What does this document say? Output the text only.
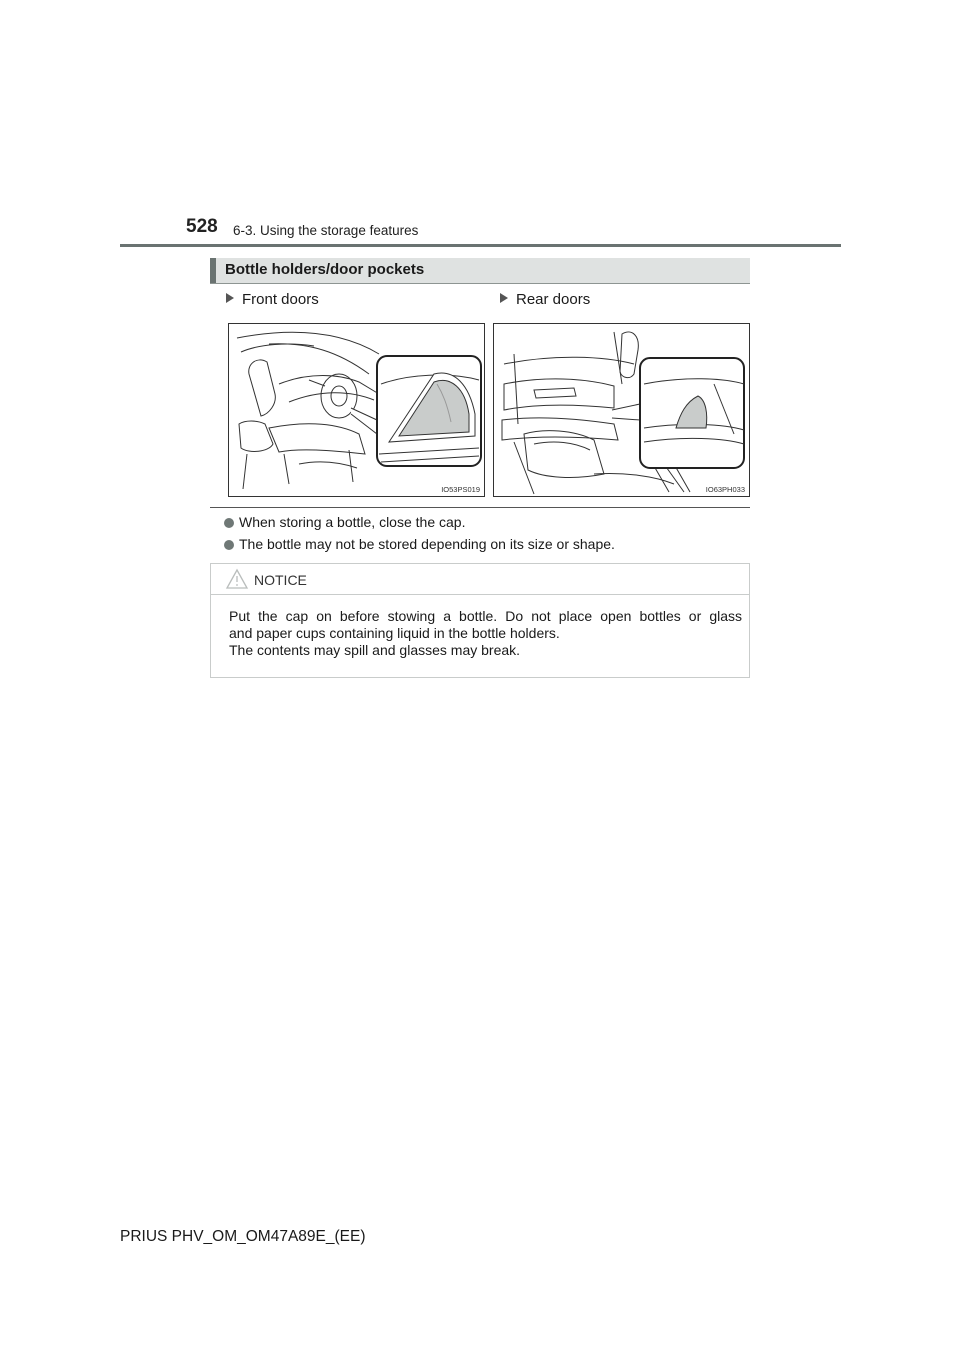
528 6-3. Using the storage features
Bottle holders/door pockets
Front doors	Rear doors
IO53PS019	IO63PH033
When storing a bottle, close the cap.
The bottle may not be stored depending on its size or shape.
NOTICE
Put the cap on before stowing a bottle. Do not place open bottles or glass
and paper cups containing liquid in the bottle holders.
The contents may spill and glasses may break.
PRIUS PHV_OM_OM47A89E_(EE)
